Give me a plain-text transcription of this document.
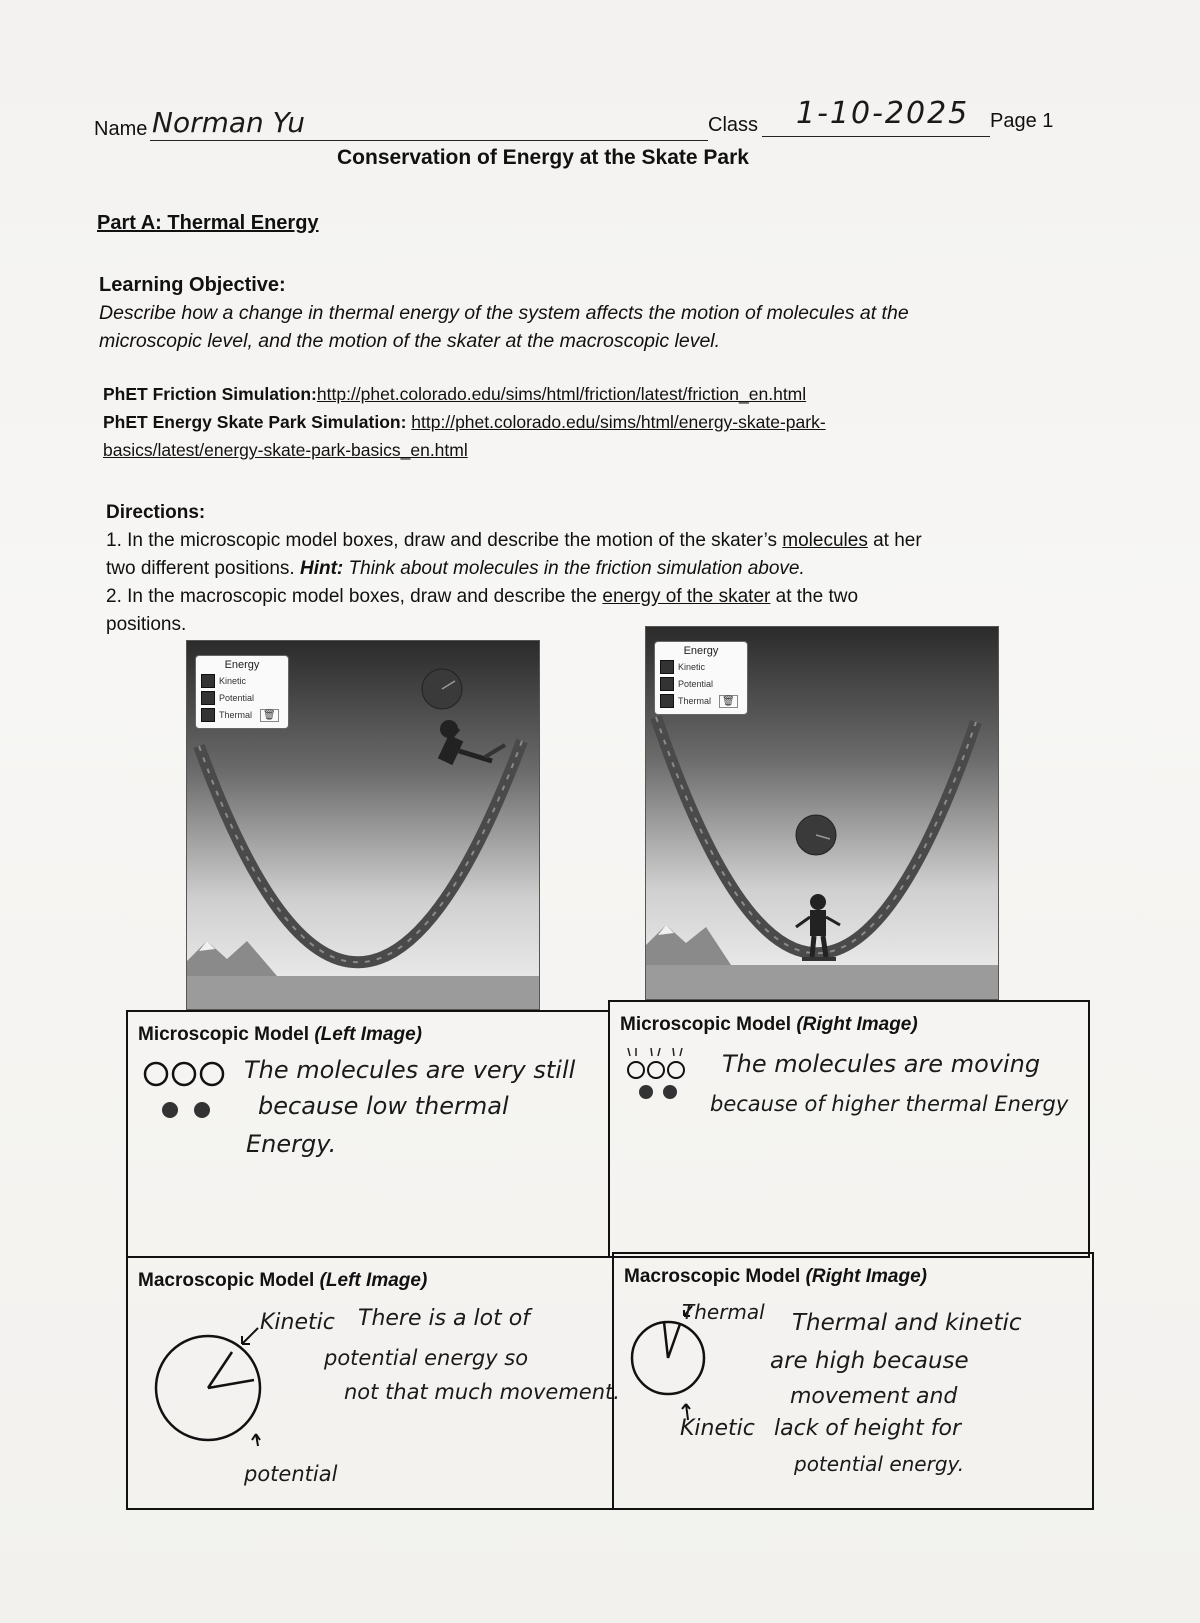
Name Norman Yu	Class 1-10-2025 Page 1
Conservation of Energy at the Skate Park
Part A: Thermal Energy
Learning Objective:
Describe how a change in thermal energy of the system affects the motion of molecules at the
microscopic level, and the motion of the skater at the macroscopic level.
PhET Friction Simulation:http://phet.colorado.edu/sims/html/friction/latest/friction_en.html
PhET Energy Skate Park Simulation: http://phet.colorado.edu/sims/html/energy-skate-park-
basics/latest/energy-skate-park-basics_en.html
Directions:
1. In the microscopic model boxes, draw and describe the motion of the skater’s molecules at her
two different positions. Hint: Think about molecules in the friction simulation above.
2. In the macroscopic model boxes, draw and describe the energy of the skater at the two
positions.
Energy
Kinetic
Potential
Thermal	🗑
Energy
Kinetic
Potential
Thermal	🗑
Microscopic Model (Left Image)
The molecules are very still
because low thermal
Energy.
Microscopic Model (Right Image)
The molecules are moving
because of higher thermal Energy
Macroscopic Model (Left Image)
Kinetic There is a lot of
potential energy so
not that much movement.
potential
Macroscopic Model (Right Image)
Thermal Thermal and kinetic
are high because
movement and
Kinetic lack of height for
potential energy.
